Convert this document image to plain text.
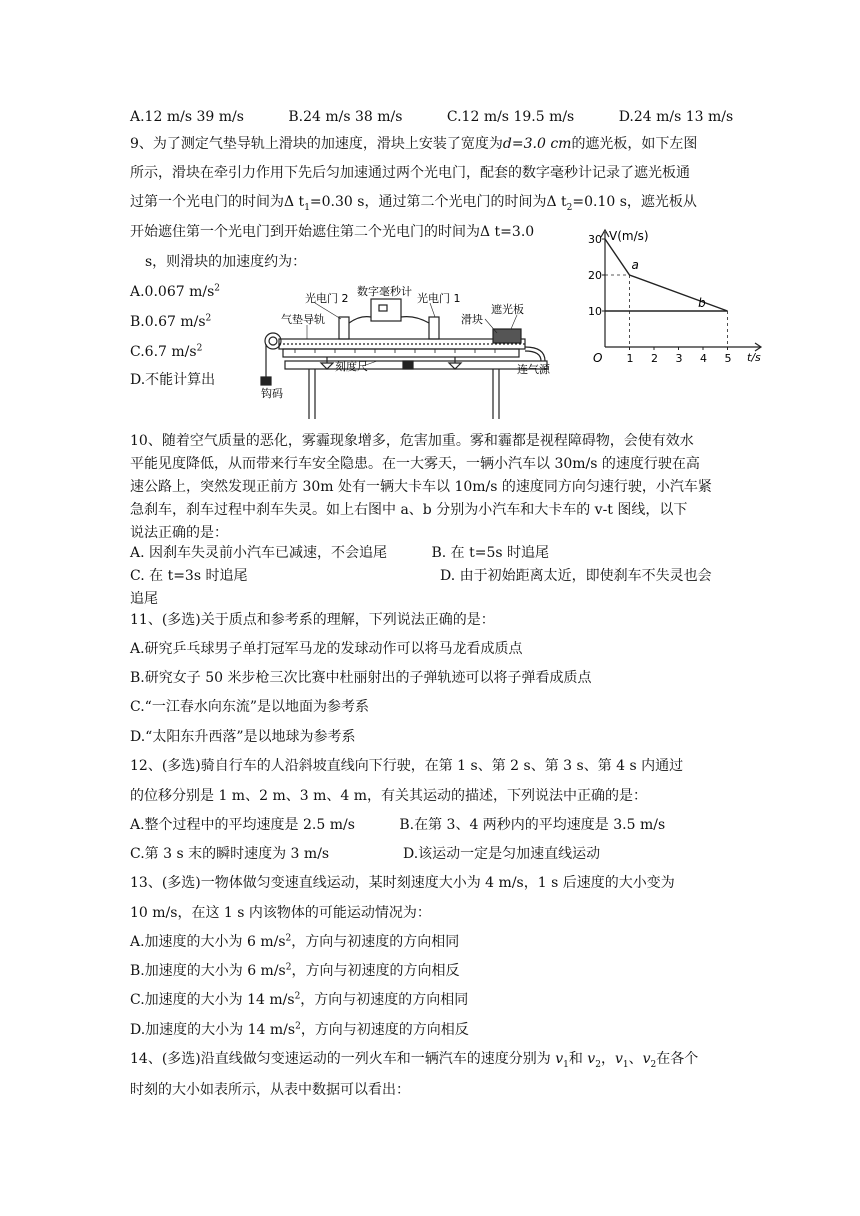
A.12 m/s 39 m/s	B.24 m/s 38 m/s	C.12 m/s 19.5 m/s	D.24 m/s 13 m/s
9、为了测定气垫导轨上滑块的加速度，滑块上安装了宽度为d=3.0 cm的遮光板，如下左图
所示，滑块在牵引力作用下先后匀加速通过两个光电门，配套的数字毫秒计记录了遮光板通
过第一个光电门的时间为Δ $t_1=0.30$ s，通过第二个光电门的时间为Δ $t_2=0.10$ s，遮光板从
开始遮住第一个光电门到开始遮住第二个光电门的时间为Δ t=3.0
s，则滑块的加速度约为：
A.0.067 $m/s^2$
B.0.67 $m/s^2$
C.6.7 $m/s^2$
D.不能计算出
光电门 2
数字毫秒计
光电门 1
气垫导轨	滑块
遮光板
刻度尺	连气源
钩码
30
20
10
1 2 3 4 5
a
b
V(m/s)
t/s
O
10、随着空气质量的恶化，雾霾现象增多，危害加重。雾和霾都是视程障碍物，会使有效水
平能见度降低，从而带来行车安全隐患。在一大雾天，一辆小汽车以 30m/s 的速度行驶在高
速公路上，突然发现正前方 30m 处有一辆大卡车以 10m/s 的速度同方向匀速行驶，小汽车紧
急刹车，刹车过程中刹车失灵。如上右图中 a、b 分别为小汽车和大卡车的 v-t 图线，以下
说法正确的是：
A. 因刹车失灵前小汽车已减速，不会追尾	B. 在 t=5s 时追尾
C. 在 t=3s 时追尾	D. 由于初始距离太近，即使刹车不失灵也会
追尾
11、(多选)关于质点和参考系的理解，下列说法正确的是：
A.研究乒乓球男子单打冠军马龙的发球动作可以将马龙看成质点
B.研究女子 50 米步枪三次比赛中杜丽射出的子弹轨迹可以将子弹看成质点
C.“一江春水向东流”是以地面为参考系
D.“太阳东升西落”是以地球为参考系
12、(多选)骑自行车的人沿斜坡直线向下行驶，在第 1 s、第 2 s、第 3 s、第 4 s 内通过
的位移分别是 1 m、2 m、3 m、4 m，有关其运动的描述，下列说法中正确的是：
A.整个过程中的平均速度是 2.5 m/s	B.在第 3、4 两秒内的平均速度是 3.5 m/s
C.第 3 s 末的瞬时速度为 3 m/s	D.该运动一定是匀加速直线运动
13、(多选)一物体做匀变速直线运动，某时刻速度大小为 4 m/s，1 s 后速度的大小变为
10 m/s，在这 1 s 内该物体的可能运动情况为：
A.加速度的大小为 6 $m/s^2$，方向与初速度的方向相同
B.加速度的大小为 6 $m/s^2$，方向与初速度的方向相反
C.加速度的大小为 14 $m/s^2$，方向与初速度的方向相同
D.加速度的大小为 14 $m/s^2$，方向与初速度的方向相反
14、(多选)沿直线做匀变速运动的一列火车和一辆汽车的速度分别为 $v_1$和 $v_2$，$v_1$、$v_2$在各个
时刻的大小如表所示，从表中数据可以看出：
